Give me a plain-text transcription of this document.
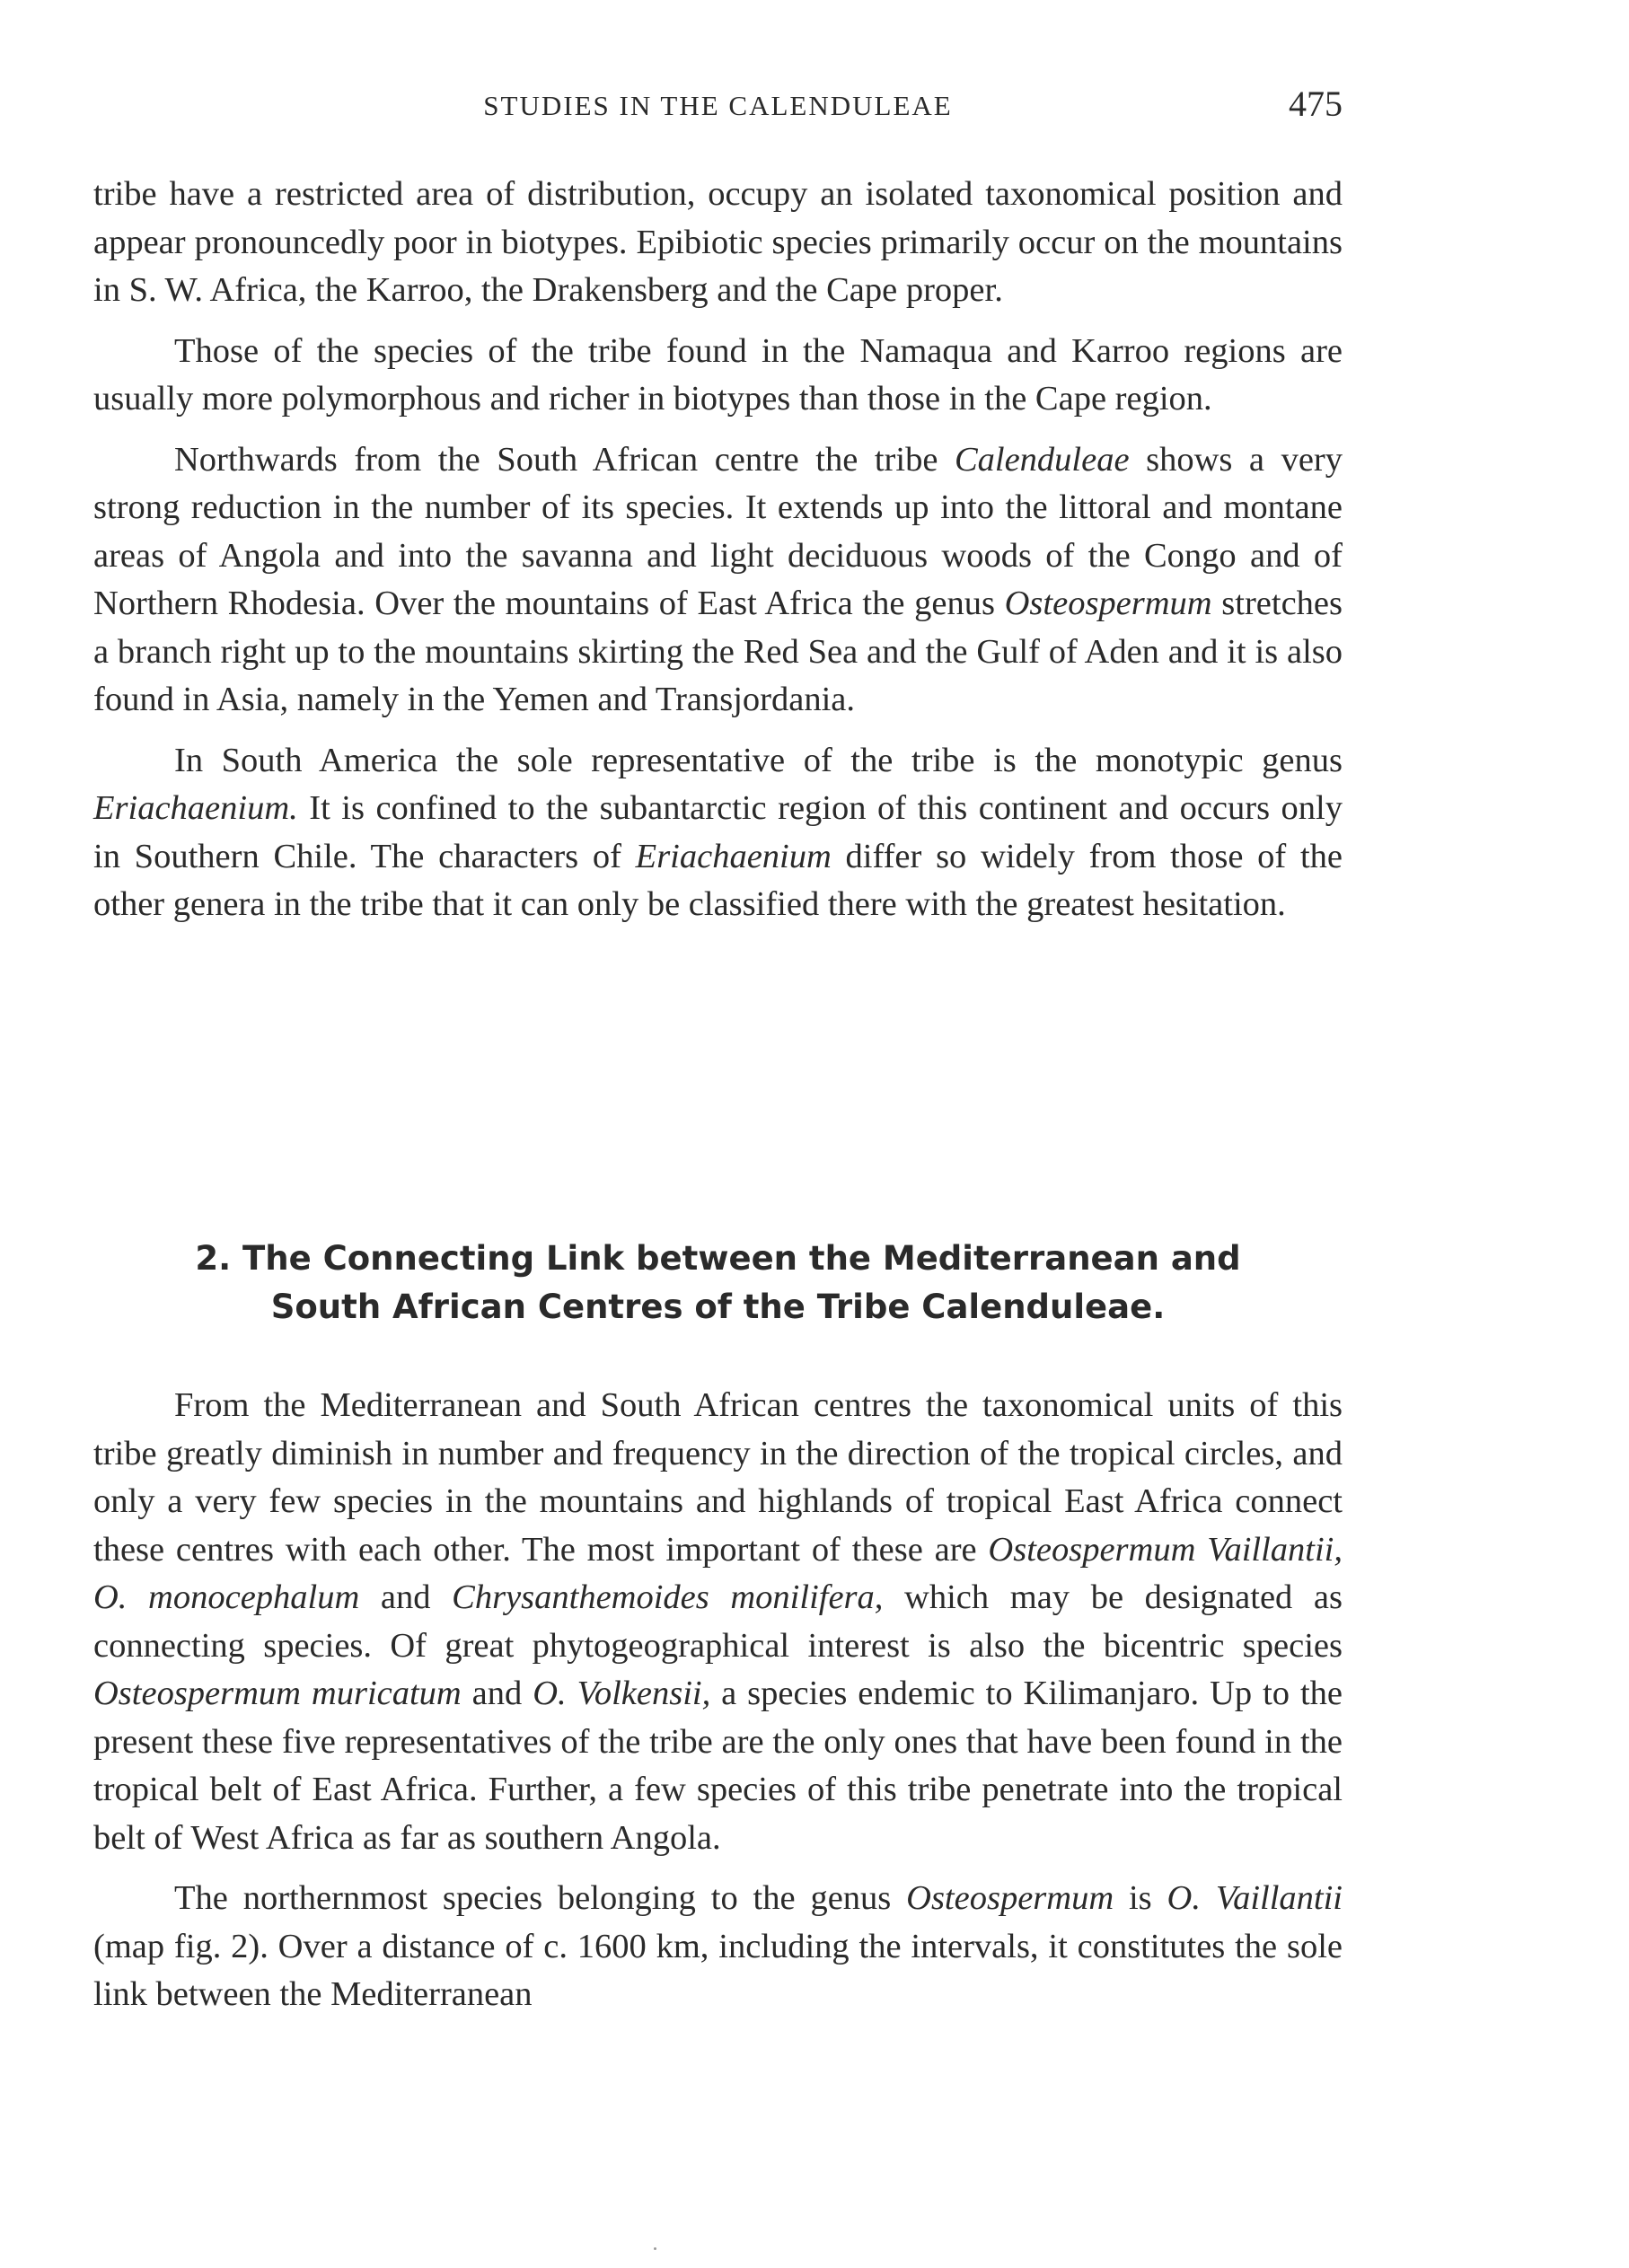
STUDIES IN THE CALENDULEAE	475

tribe have a restricted area of distribution, occupy an isolated taxonomical position and appear pronouncedly poor in biotypes. Epibiotic species primarily occur on the mountains in S. W. Africa, the Karroo, the Drakensberg and the Cape proper.

Those of the species of the tribe found in the Namaqua and Karroo regions are usually more polymorphous and richer in biotypes than those in the Cape region.

Northwards from the South African centre the tribe Calenduleae shows a very strong reduction in the number of its species. It extends up into the littoral and montane areas of Angola and into the savanna and light deciduous woods of the Congo and of Northern Rhodesia. Over the mountains of East Africa the genus Osteospermum stretches a branch right up to the mountains skirting the Red Sea and the Gulf of Aden and it is also found in Asia, namely in the Yemen and Transjordania.

In South America the sole representative of the tribe is the monotypic genus Eriachaenium. It is confined to the subantarctic region of this continent and occurs only in Southern Chile. The characters of Eriachaenium differ so widely from those of the other genera in the tribe that it can only be classified there with the greatest hesitation.

2. The Connecting Link between the Mediterranean and
South African Centres of the Tribe Calenduleae.

From the Mediterranean and South African centres the taxonomical units of this tribe greatly diminish in number and frequency in the direction of the tropical circles, and only a very few species in the mountains and highlands of tropical East Africa connect these centres with each other. The most important of these are Osteospermum Vaillantii, O. monocephalum and Chrysanthemoides monilifera, which may be designated as connecting species. Of great phytogeographical interest is also the bicentric species Osteospermum muricatum and O. Volkensii, a species endemic to Kilimanjaro. Up to the present these five representatives of the tribe are the only ones that have been found in the tropical belt of East Africa. Further, a few species of this tribe penetrate into the tropical belt of West Africa as far as southern Angola.

The northernmost species belonging to the genus Osteospermum is O. Vaillantii (map fig. 2). Over a distance of c. 1600 km, including the intervals, it constitutes the sole link between the Mediterranean
